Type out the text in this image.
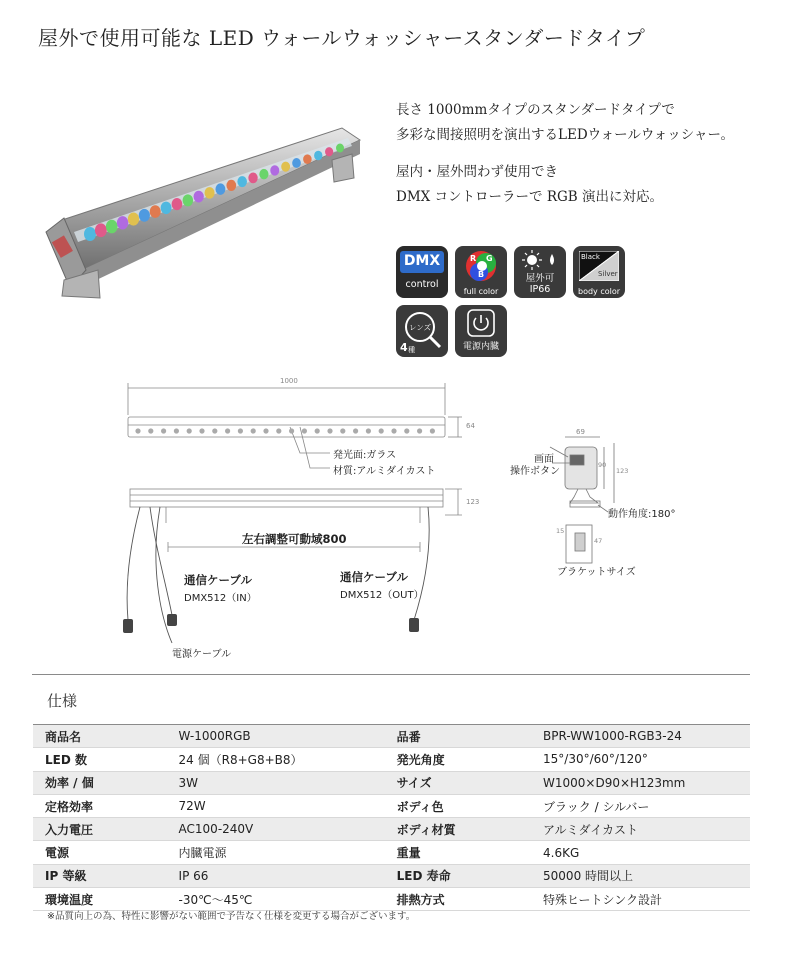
屋外で使用可能な LED ウォールウォッシャースタンダードタイプ
長さ 1000mmタイプのスタンダードタイプで
多彩な間接照明を演出するLEDウォールウォッシャー。
屋内・屋外問わず使用でき
DMX コントローラーで RGB 演出に対応。
DMX
control
R G
B
full color
屋外可
IP66
Black
Silver
body color
レンズ
4 種	電源内臓
1000
64
123
発光面:ガラス
材質:アルミダイカスト
左右調整可動域800
通信ケーブル
DMX512（IN）
通信ケーブル
DMX512（OUT）
電源ケーブル
69
90
123
画面
操作ボタン
動作角度:180°
15
47
ブラケットサイズ
仕様
商品名	W-1000RGB	品番	BPR-WW1000-RGB3-24
LED 数	24 個（R8+G8+B8）	発光角度	15°/30°/60°/120°
効率 / 個	3W	サイズ	W1000×D90×H123mm
定格効率	72W	ボディ色	ブラック / シルバー
入力電圧	AC100-240V	ボディ材質	アルミダイカスト
電源	内臓電源	重量	4.6KG
IP 等級	IP 66	LED 寿命	50000 時間以上
環境温度	-30℃〜45℃	排熱方式	特殊ヒートシンク設計
※品質向上の為、特性に影響がない範囲で予告なく仕様を変更する場合がございます。
